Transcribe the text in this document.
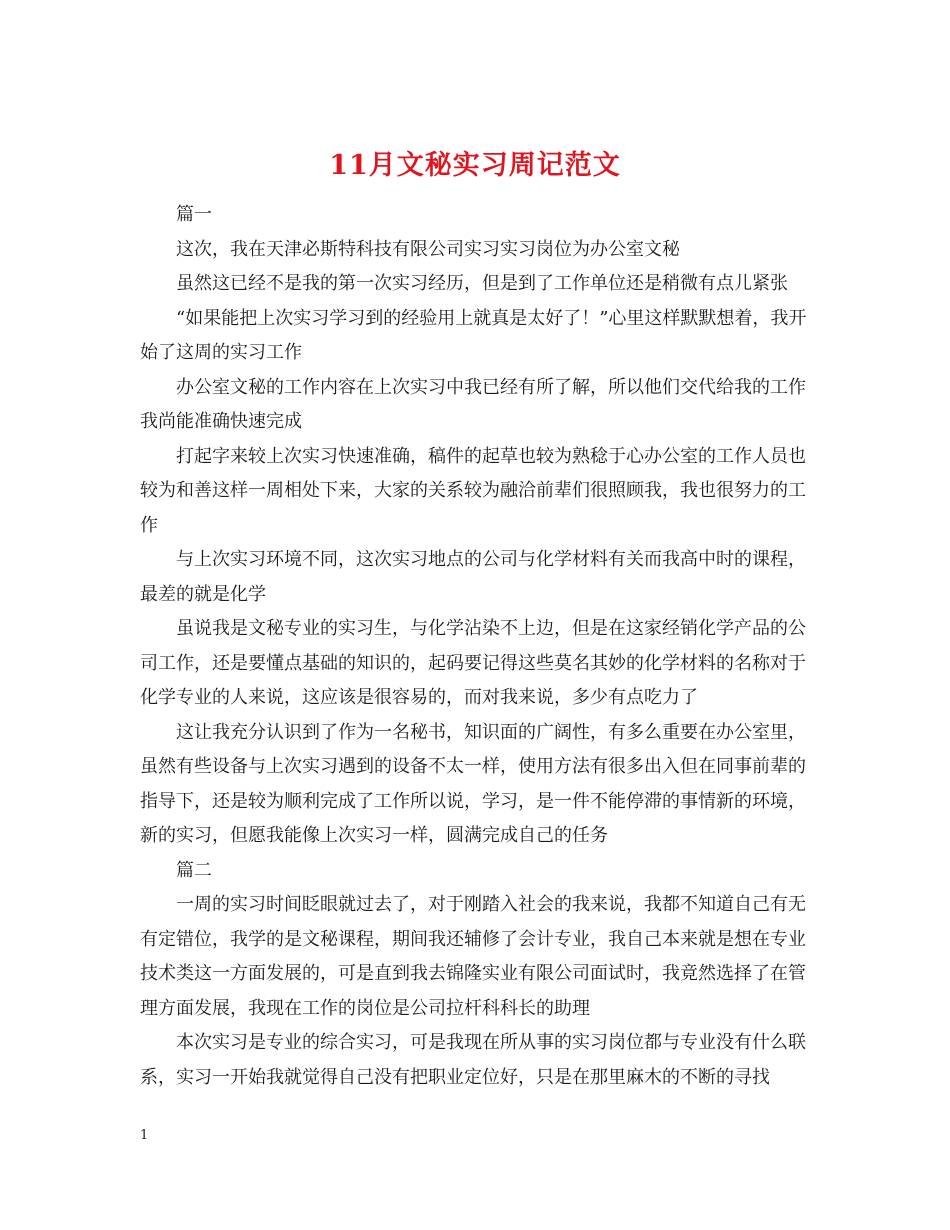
11月文秘实习周记范文

篇一

这次，我在天津必斯特科技有限公司实习实习岗位为办公室文秘

虽然这已经不是我的第一次实习经历，但是到了工作单位还是稍微有点儿紧张

“如果能把上次实习学习到的经验用上就真是太好了！”心里这样默默想着，我开始了这周的实习工作

办公室文秘的工作内容在上次实习中我已经有所了解，所以他们交代给我的工作我尚能准确快速完成

打起字来较上次实习快速准确，稿件的起草也较为熟稔于心办公室的工作人员也较为和善这样一周相处下来，大家的关系较为融洽前辈们很照顾我，我也很努力的工作

与上次实习环境不同，这次实习地点的公司与化学材料有关而我高中时的课程，最差的就是化学

虽说我是文秘专业的实习生，与化学沾染不上边，但是在这家经销化学产品的公司工作，还是要懂点基础的知识的，起码要记得这些莫名其妙的化学材料的名称对于化学专业的人来说，这应该是很容易的，而对我来说，多少有点吃力了

这让我充分认识到了作为一名秘书，知识面的广阔性，有多么重要在办公室里，虽然有些设备与上次实习遇到的设备不太一样，使用方法有很多出入但在同事前辈的指导下，还是较为顺利完成了工作所以说，学习，是一件不能停滞的事情新的环境，新的实习，但愿我能像上次实习一样，圆满完成自己的任务

篇二

一周的实习时间眨眼就过去了，对于刚踏入社会的我来说，我都不知道自己有无有定错位，我学的是文秘课程，期间我还辅修了会计专业，我自己本来就是想在专业技术类这一方面发展的，可是直到我去锦隆实业有限公司面试时，我竟然选择了在管理方面发展，我现在工作的岗位是公司拉杆科科长的助理

本次实习是专业的综合实习，可是我现在所从事的实习岗位都与专业没有什么联系，实习一开始我就觉得自己没有把职业定位好，只是在那里麻木的不断的寻找

1
